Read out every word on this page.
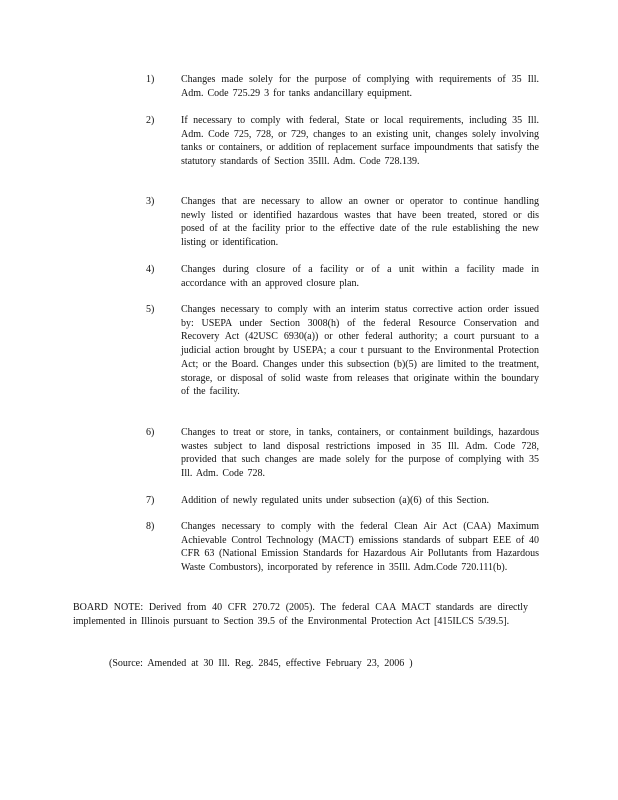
1)	Changes made solely for the purpose of complying with requirements of 35 Ill. Adm. Code 725.29 3 for tanks andancillary equipment.
2)	If necessary to comply with federal, State or local requirements, including 35 Ill. Adm. Code 725, 728, or 729, changes to an existing unit, changes solely involving tanks or containers, or addition of replacement surface impoundments that satisfy the statutory standards of Section 35Ill. Adm. Code 728.139.
3)	Changes that are necessary to allow an owner or operator to continue handling newly listed or identified hazardous wastes that have been treated, stored or dis posed of at the facility prior to the effective date of the rule establishing the new listing or identification.
4)	Changes during closure of a facility or of a unit within a facility made in accordance with an approved closure plan.
5)	Changes necessary to comply with an interim status corrective action order issued by: USEPA under Section 3008(h) of the federal Resource Conservation and Recovery Act (42USC 6930(a)) or other federal authority; a court pursuant to a judicial action brought by USEPA; a cour t pursuant to the Environmental Protection Act; or the Board. Changes under this subsection (b)(5) are limited to the treatment, storage, or disposal of solid waste from releases that originate within the boundary of the facility.
6)	Changes to treat or store, in tanks, containers, or containment buildings, hazardous wastes subject to land disposal restrictions imposed in 35 Ill. Adm. Code 728, provided that such changes are made solely for the purpose of complying with 35 Ill. Adm. Code 728.
7)	Addition of newly regulated units under subsection (a)(6) of this Section.
8)	Changes necessary to comply with the federal Clean Air Act (CAA) Maximum Achievable Control Technology (MACT) emissions standards of subpart EEE of 40 CFR 63 (National Emission Standards for Hazardous Air Pollutants from Hazardous Waste Combustors), incorporated by reference in 35Ill. Adm.Code 720.111(b).
BOARD NOTE: Derived from 40 CFR 270.72 (2005). The federal CAA MACT standards are directly implemented in Illinois pursuant to Section 39.5 of the Environmental Protection Act [415ILCS 5/39.5].
(Source: Amended at 30 Ill. Reg. 2845, effective February 23, 2006 )
